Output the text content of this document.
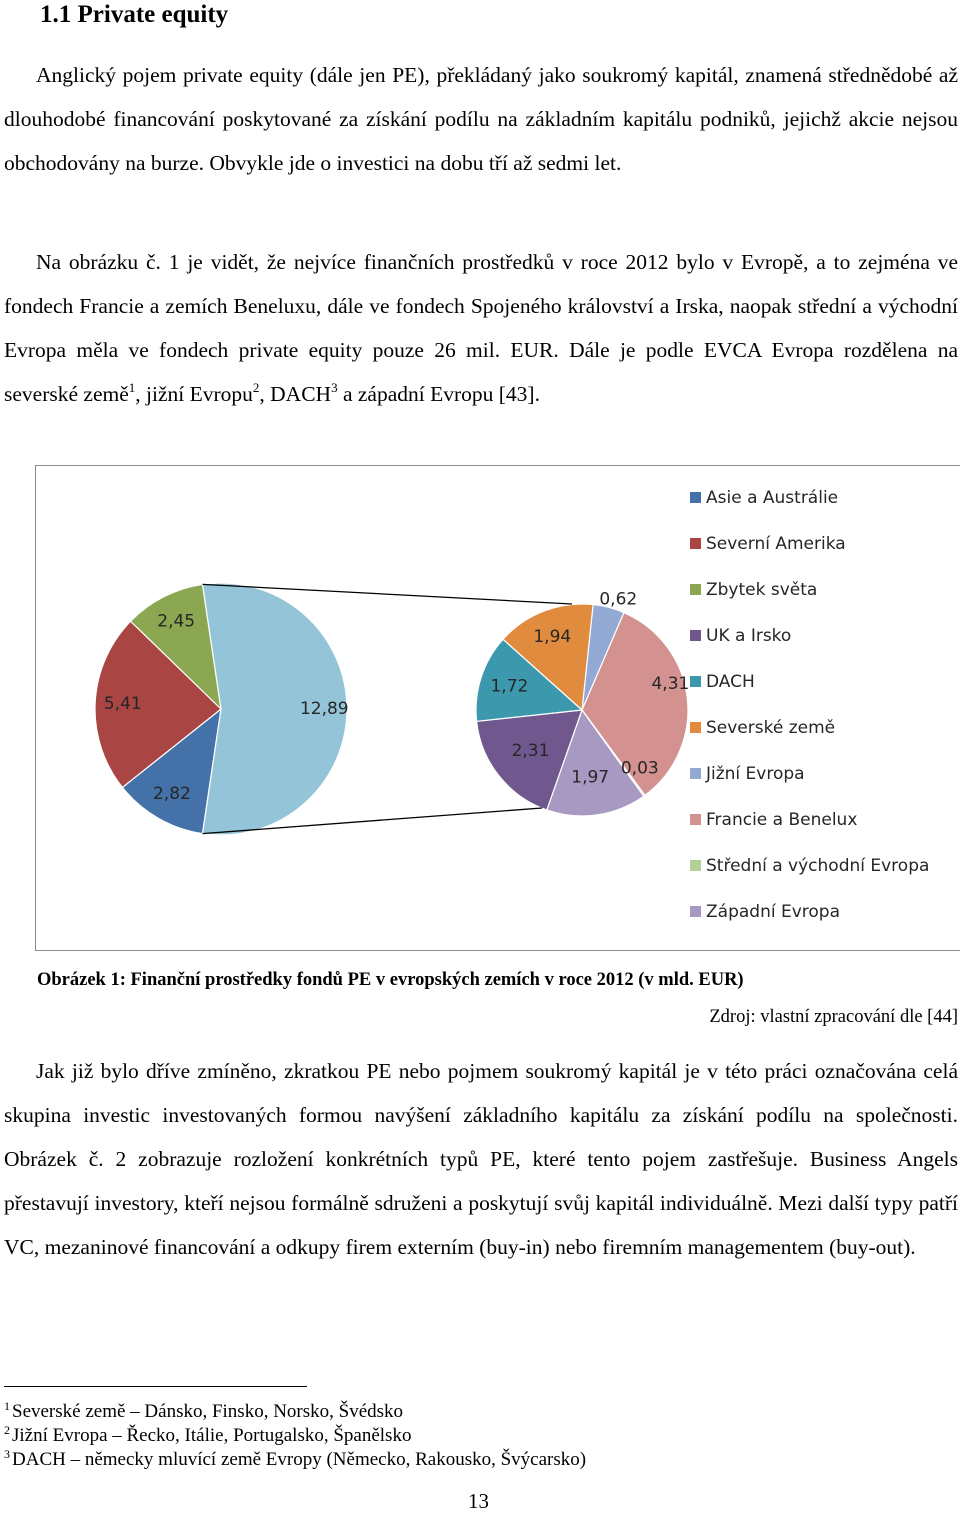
1.1 Private equity

Anglický pojem private equity (dále jen PE), překládaný jako soukromý kapitál, znamená střednědobé až dlouhodobé financování poskytované za získání podílu na základním kapitálu podniků, jejichž akcie nejsou obchodovány na burze. Obvykle jde o investici na dobu tří až sedmi let.

Na obrázku č. 1 je vidět, že nejvíce finančních prostředků v roce 2012 bylo v Evropě, a to zejména ve fondech Francie a zemích Beneluxu, dále ve fondech Spojeného království a Irska, naopak střední a východní Evropa měla ve fondech private equity pouze 26 mil. EUR. Dále je podle EVCA Evropa rozdělena na severské země$^1$, jižní Evropu$^2$, DACH$^3$ a západní Evropu [43].

2,82
5,41
2,45
12,89
0,62
4,31
0,03
1,97
2,31
1,72
1,94
Asie a Austrálie
Severní Amerika
Zbytek světa
UK a Irsko
DACH
Severské země
Jižní Evropa
Francie a Benelux
Střední a východní Evropa
Západní Evropa

Obrázek 1: Finanční prostředky fondů PE v evropských zemích v roce 2012 (v mld. EUR)

Zdroj: vlastní zpracování dle [44]

Jak již bylo dříve zmíněno, zkratkou PE nebo pojmem soukromý kapitál je v této práci označována celá skupina investic investovaných formou navýšení základního kapitálu za získání podílu na společnosti. Obrázek č. 2 zobrazuje rozložení konkrétních typů PE, které tento pojem zastřešuje. Business Angels přestavují investory, kteří nejsou formálně sdruženi a poskytují svůj kapitál individuálně. Mezi další typy patří VC, mezaninové financování a odkupy firem externím (buy-in) nebo firemním managementem (buy-out).

$^1$ Severské země – Dánsko, Finsko, Norsko, Švédsko

$^2$ Jižní Evropa – Řecko, Itálie, Portugalsko, Španělsko

$^3$ DACH – německy mluvící země Evropy (Německo, Rakousko, Švýcarsko)

13
